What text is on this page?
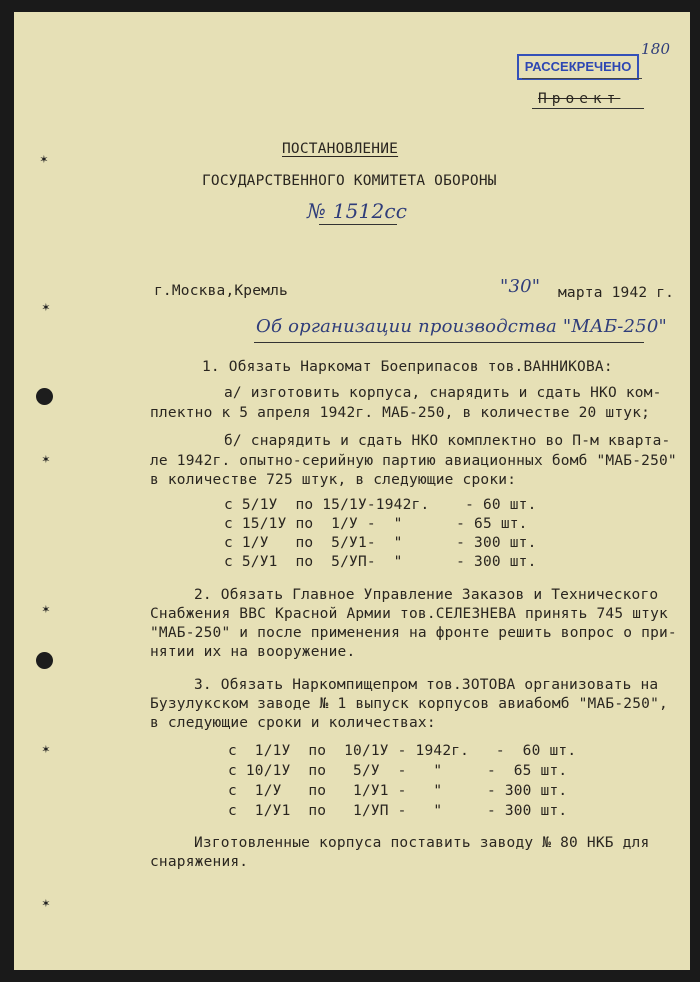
РАССЕКРЕЧЕНО
180
Проект
ПОСТАНОВЛЕНИЕ
ГОСУДАРСТВЕННОГО КОМИТЕТА ОБОРОНЫ
№ 1512сс
г.Москва,Кремль	"30" марта 1942 г.
Об организации производства "МАБ-250"
1. Обязать Наркомат Боеприпасов тов.ВАННИКОВА:
а/ изготовить корпуса, снарядить и сдать НКО ком-
плектно к 5 апреля 1942г. МАБ-250, в количестве 20 штук;
б/ снарядить и сдать НКО комплектно во П-м кварта-
ле 1942г. опытно-серийную партию авиационных бомб "МАБ-250"
в количестве 725 штук, в следующие сроки:
с 5/1У  по 15/1У-1942г.    - 60 шт.
с 15/1У по  1/У -  "      - 65 шт.
с 1/У   по  5/У1-  "      - 300 шт.
с 5/У1  по  5/УП-  "      - 300 шт.
2. Обязать Главное Управление Заказов и Технического
Снабжения ВВС Красной Армии тов.СЕЛЕЗНЕВА принять 745 штук
"МАБ-250" и после применения на фронте решить вопрос о при-
нятии их на вооружение.
3. Обязать Наркомпищепром тов.ЗОТОВА организовать на
Бузулукском заводе № 1 выпуск корпусов авиабомб "МАБ-250",
в следующие сроки и количествах:
с  1/1У  по  10/1У - 1942г.   -  60 шт.
с 10/1У  по   5/У  -   "     -  65 шт.
с  1/У   по   1/У1 -   "     - 300 шт.
с  1/У1  по   1/УП -   "     - 300 шт.
Изготовленные корпуса поставить заводу № 80 НКБ для
снаряжения.
✶
✶
✶
✶
✶
✶
